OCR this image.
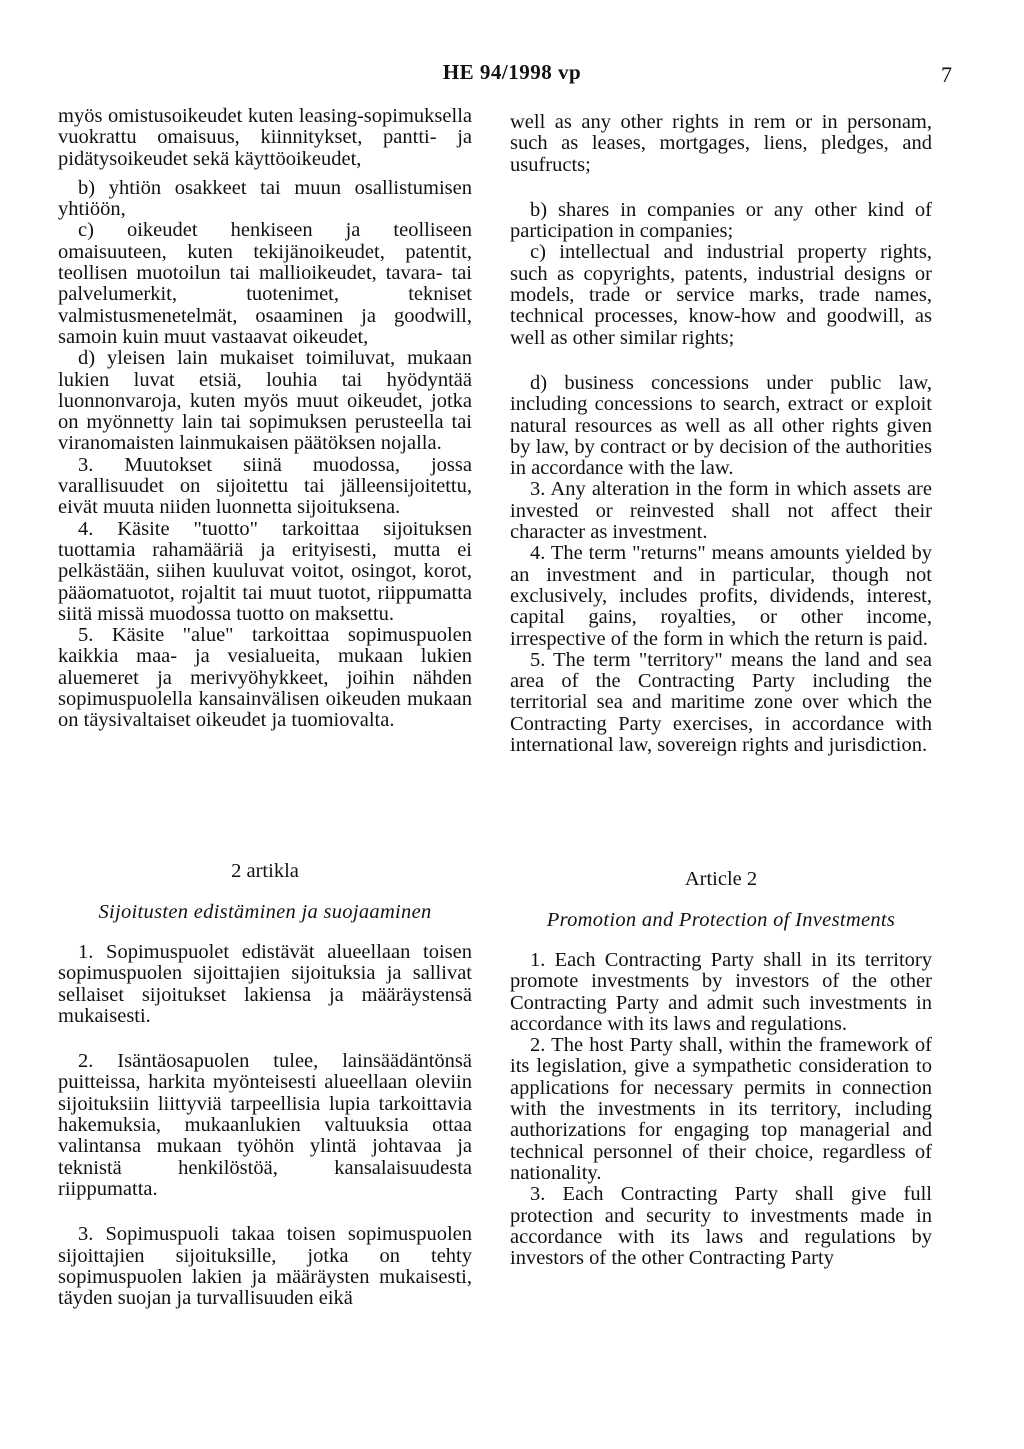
HE 94/1998 vp	7

myös omistusoikeudet kuten leasing-sopimuksella vuokrattu omaisuus, kiinnitykset, pantti- ja pidätysoikeudet sekä käyttöoikeudet,

b) yhtiön osakkeet tai muun osallistumisen yhtiöön,

c) oikeudet henkiseen ja teolliseen omaisuuteen, kuten tekijänoikeudet, patentit, teollisen muotoilun tai mallioikeudet, tavara- tai palvelumerkit, tuotenimet, tekniset valmistusmenetelmät, osaaminen ja goodwill, samoin kuin muut vastaavat oikeudet,

d) yleisen lain mukaiset toimiluvat, mukaan lukien luvat etsiä, louhia tai hyödyntää luonnonvaroja, kuten myös muut oikeudet, jotka on myönnetty lain tai sopimuksen perusteella tai viranomaisten lainmukaisen päätöksen nojalla.

3. Muutokset siinä muodossa, jossa varallisuudet on sijoitettu tai jälleensijoitettu, eivät muuta niiden luonnetta sijoituksena.

4. Käsite "tuotto" tarkoittaa sijoituksen tuottamia rahamääriä ja erityisesti, mutta ei pelkästään, siihen kuuluvat voitot, osingot, korot, pääomatuotot, rojaltit tai muut tuotot, riippumatta siitä missä muodossa tuotto on maksettu.

5. Käsite "alue" tarkoittaa sopimuspuolen kaikkia maa- ja vesialueita, mukaan lukien aluemeret ja merivyöhykkeet, joihin nähden sopimuspuolella kansainvälisen oikeuden mukaan on täysivaltaiset oikeudet ja tuomiovalta.

well as any other rights in rem or in personam, such as leases, mortgages, liens, pledges, and usufructs;

b) shares in companies or any other kind of participation in companies;

c) intellectual and industrial property rights, such as copyrights, patents, industrial designs or models, trade or service marks, trade names, technical processes, know-how and goodwill, as well as other similar rights;

d) business concessions under public law, including concessions to search, extract or exploit natural resources as well as all other rights given by law, by contract or by decision of the authorities in accordance with the law.

3. Any alteration in the form in which assets are invested or reinvested shall not affect their character as investment.

4. The term "returns" means amounts yielded by an investment and in particular, though not exclusively, includes profits, dividends, interest, capital gains, royalties, or other income, irrespective of the form in which the return is paid.

5. The term "territory" means the land and sea area of the Contracting Party including the territorial sea and maritime zone over which the Contracting Party exercises, in accordance with international law, sovereign rights and jurisdiction.

2 artikla
Sijoitusten edistäminen ja suojaaminen
Article 2
Promotion and Protection of Investments

1. Sopimuspuolet edistävät alueellaan toisen sopimuspuolen sijoittajien sijoituksia ja sallivat sellaiset sijoitukset lakiensa ja määräystensä mukaisesti.

2. Isäntäosapuolen tulee, lainsäädäntönsä puitteissa, harkita myönteisesti alueellaan oleviin sijoituksiin liittyviä tarpeellisia lupia tarkoittavia hakemuksia, mukaanlukien valtuuksia ottaa valintansa mukaan työhön ylintä johtavaa ja teknistä henkilöstöä, kansalaisuudesta riippumatta.

3. Sopimuspuoli takaa toisen sopimuspuolen sijoittajien sijoituksille, jotka on tehty sopimuspuolen lakien ja määräysten mukaisesti, täyden suojan ja turvallisuuden eikä

1. Each Contracting Party shall in its territory promote investments by investors of the other Contracting Party and admit such investments in accordance with its laws and regulations.

2. The host Party shall, within the framework of its legislation, give a sympathetic consideration to applications for necessary permits in connection with the investments in its territory, including authorizations for engaging top managerial and technical personnel of their choice, regardless of nationality.

3. Each Contracting Party shall give full protection and security to investments made in accordance with its laws and regulations by investors of the other Contracting Party
